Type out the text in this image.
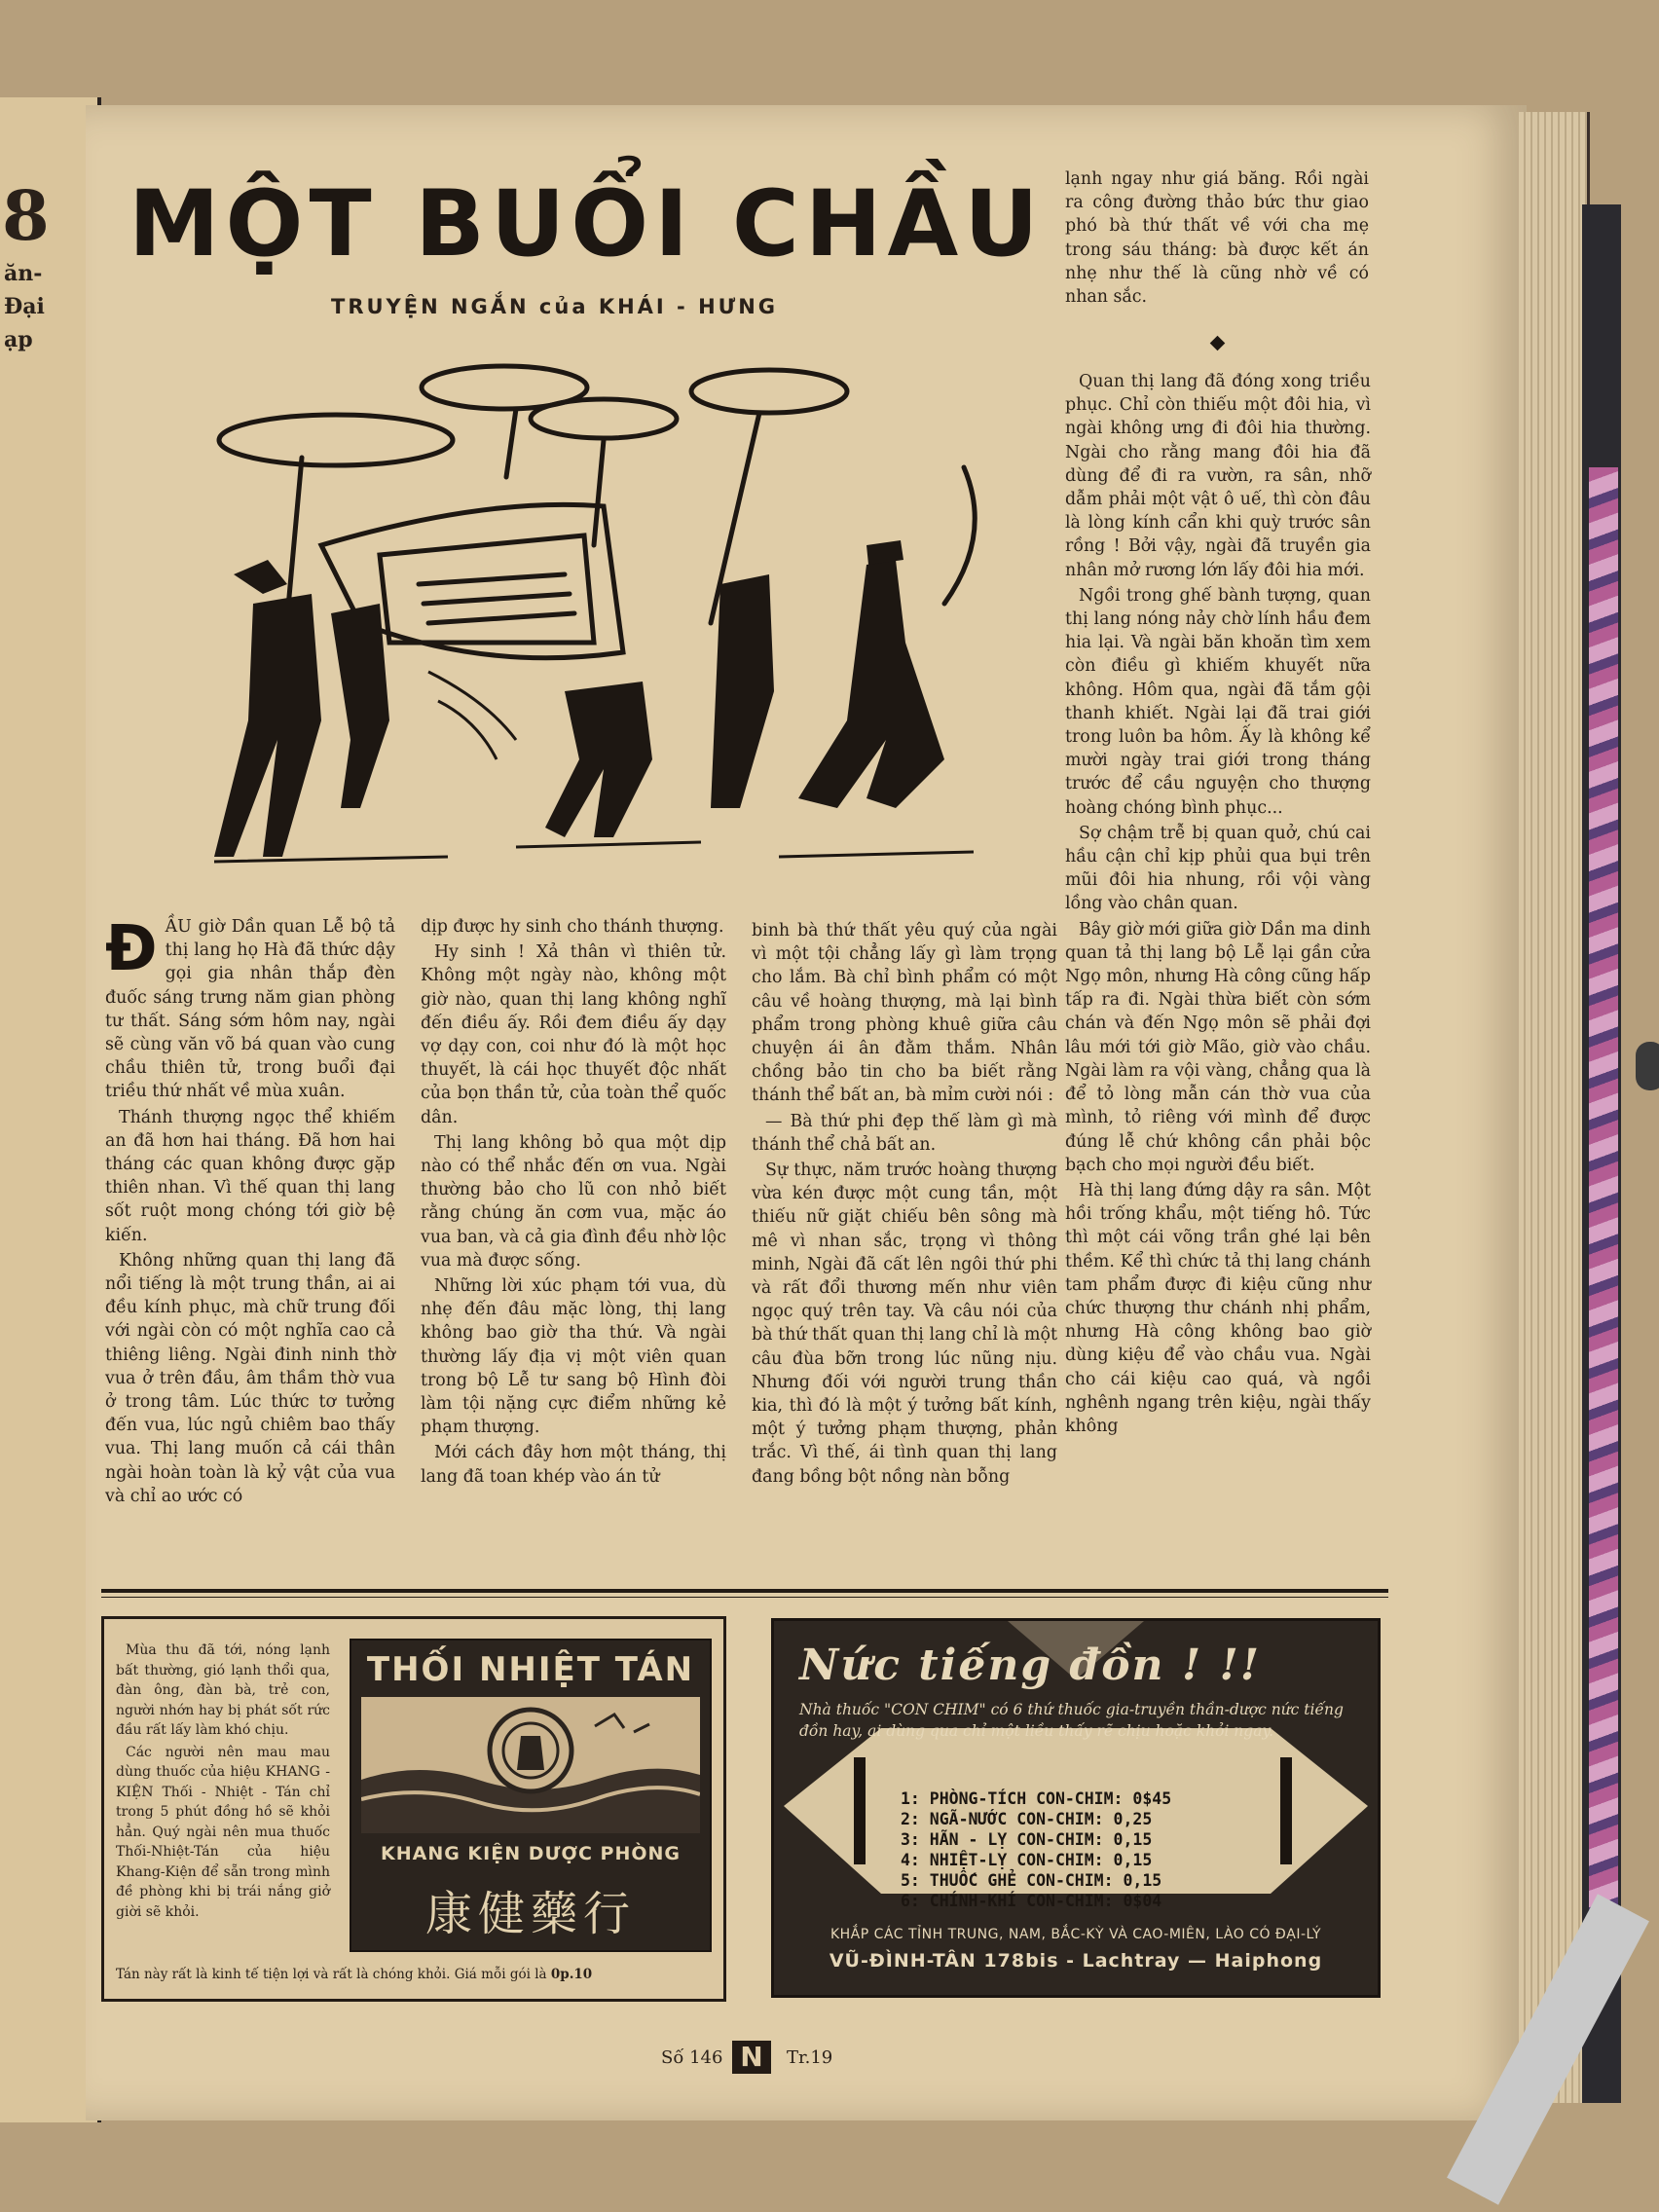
8
ăn-
Đại
ạp
MỘT BUỔI CHẦU
TRUYỆN NGẮN của KHÁI - HƯNG
Đ ẦU giờ Dần quan Lễ bộ tả thị lang họ Hà đã thức dậy gọi gia nhân thắp đèn đuốc sáng trưng năm gian phòng tư thất. Sáng sớm hôm nay, ngài sẽ cùng văn võ bá quan vào cung chầu thiên tử, trong buổi đại triều thứ nhất về mùa xuân.

Thánh thượng ngọc thể khiếm an đã hơn hai tháng. Đã hơn hai tháng các quan không được gặp thiên nhan. Vì thế quan thị lang sốt ruột mong chóng tới giờ bệ kiến.

Không những quan thị lang đã nổi tiếng là một trung thần, ai ai đều kính phục, mà chữ trung đối với ngài còn có một nghĩa cao cả thiêng liêng. Ngài đinh ninh thờ vua ở trên đầu, âm thầm thờ vua ở trong tâm. Lúc thức tơ tưởng đến vua, lúc ngủ chiêm bao thấy vua. Thị lang muốn cả cái thân ngài hoàn toàn là kỷ vật của vua và chỉ ao ước có

dịp được hy sinh cho thánh thượng.

Hy sinh ! Xả thân vì thiên tử. Không một ngày nào, không một giờ nào, quan thị lang không nghĩ đến điều ấy. Rồi đem điều ấy dạy vợ dạy con, coi như đó là một học thuyết, là cái học thuyết độc nhất của bọn thần tử, của toàn thể quốc dân.

Thị lang không bỏ qua một dịp nào có thể nhắc đến ơn vua. Ngài thường bảo cho lũ con nhỏ biết rằng chúng ăn cơm vua, mặc áo vua ban, và cả gia đình đều nhờ lộc vua mà được sống.

Những lời xúc phạm tới vua, dù nhẹ đến đâu mặc lòng, thị lang không bao giờ tha thứ. Và ngài thường lấy địa vị một viên quan trong bộ Lễ tư sang bộ Hình đòi làm tội nặng cực điểm những kẻ phạm thượng.

Mới cách đây hơn một tháng, thị lang đã toan khép vào án tử

binh bà thứ thất yêu quý của ngài vì một tội chẳng lấy gì làm trọng cho lắm. Bà chỉ bình phẩm có một câu về hoàng thượng, mà lại bình phẩm trong phòng khuê giữa câu chuyện ái ân đằm thắm. Nhân chồng bảo tin cho ba biết rằng thánh thể bất an, bà mỉm cười nói :

— Bà thứ phi đẹp thế làm gì mà thánh thể chả bất an.

Sự thực, năm trước hoàng thượng vừa kén được một cung tần, một thiếu nữ giặt chiếu bên sông mà mê vì nhan sắc, trọng vì thông minh, Ngài đã cất lên ngôi thứ phi và rất đổi thương mến như viên ngọc quý trên tay. Và câu nói của bà thứ thất quan thị lang chỉ là một câu đùa bỡn trong lúc nũng nịu. Nhưng đối với người trung thần kia, thì đó là một ý tưởng bất kính, một ý tưởng phạm thượng, phản trắc. Vì thế, ái tình quan thị lang đang bồng bột nồng nàn bỗng

lạnh ngay như giá băng. Rồi ngài ra công đường thảo bức thư giao phó bà thứ thất về với cha mẹ trong sáu tháng: bà được kết án nhẹ như thế là cũng nhờ về có nhan sắc.

Quan thị lang đã đóng xong triều phục. Chỉ còn thiếu một đôi hia, vì ngài không ưng đi đôi hia thường. Ngài cho rằng mang đôi hia đã dùng để đi ra vườn, ra sân, nhỡ dẫm phải một vật ô uế, thì còn đâu là lòng kính cẩn khi quỳ trước sân rồng ! Bởi vậy, ngài đã truyền gia nhân mở rương lớn lấy đôi hia mới.

Ngồi trong ghế bành tượng, quan thị lang nóng nảy chờ lính hầu đem hia lại. Và ngài băn khoăn tìm xem còn điều gì khiếm khuyết nữa không. Hôm qua, ngài đã tắm gội thanh khiết. Ngài lại đã trai giới trong luôn ba hôm. Ấy là không kể mười ngày trai giới trong tháng trước để cầu nguyện cho thượng hoàng chóng bình phục...

Sợ chậm trễ bị quan quở, chú cai hầu cận chỉ kịp phủi qua bụi trên mũi đôi hia nhung, rồi vội vàng lồng vào chân quan.

Bây giờ mới giữa giờ Dần ma dinh quan tả thị lang bộ Lễ lại gần cửa Ngọ môn, nhưng Hà công cũng hấp tấp ra đi. Ngài thừa biết còn sớm chán và đến Ngọ môn sẽ phải đợi lâu mới tới giờ Mão, giờ vào chầu. Ngài làm ra vội vàng, chẳng qua là để tỏ lòng mẫn cán thờ vua của mình, tỏ riêng với mình để được đúng lễ chứ không cần phải bộc bạch cho mọi người đều biết.

Hà thị lang đứng dậy ra sân. Một hồi trống khẩu, một tiếng hô. Tức thì một cái võng trần ghé lại bên thềm. Kể thì chức tả thị lang chánh tam phẩm được đi kiệu cũng như chức thượng thư chánh nhị phẩm, nhưng Hà công không bao giờ dùng kiệu để vào chầu vua. Ngài cho cái kiệu cao quá, và ngồi nghênh ngang trên kiệu, ngài thấy không

Mùa thu đã tới, nóng lạnh bất thường, gió lạnh thổi qua, đàn ông, đàn bà, trẻ con, người nhớn hay bị phát sốt rức đầu rất lấy làm khó chịu.

Các người nên mau mau dùng thuốc của hiệu KHANG - KIỆN Thối - Nhiệt - Tán chỉ trong 5 phút đồng hồ sẽ khỏi hẳn. Quý ngài nên mua thuốc Thối-Nhiệt-Tán của hiệu Khang-Kiện để sẵn trong mình đề phòng khi bị trái nắng giở giời sẽ khỏi.

THỐI NHIỆT TÁN
KHANG KIỆN DƯỢC PHÒNG
康健藥行
Tán này rất là kinh tế tiện lợi và rất là chóng khỏi. Giá mỗi gói là 0p.10
Nức tiếng đồn ! !!
Nhà thuốc "CON CHIM" có 6 thứ thuốc gia-truyền thần-dược nức tiếng đồn hay, ai dùng qua chỉ một liều thấy rẽ chịu hoặc khỏi ngay.
1: PHÒNG-TÍCH CON-CHIM: 0$45
2: NGÃ-NƯỚC CON-CHIM: 0,25
3: HÃN - LỴ CON-CHIM: 0,15
4: NHIỆT-LỴ CON-CHIM: 0,15
5: THUỐC GHẺ CON-CHIM: 0,15
6: CHÍNH-KHÍ CON-CHIM: 0$04
KHẮP CÁC TỈNH TRUNG, NAM, BẮC-KỲ VÀ CAO-MIÊN, LÀO CÓ ĐẠI-LÝ
VŨ-ĐÌNH-TÂN 178bis - Lachtray — Haiphong
Số 146 N	Tr.19
